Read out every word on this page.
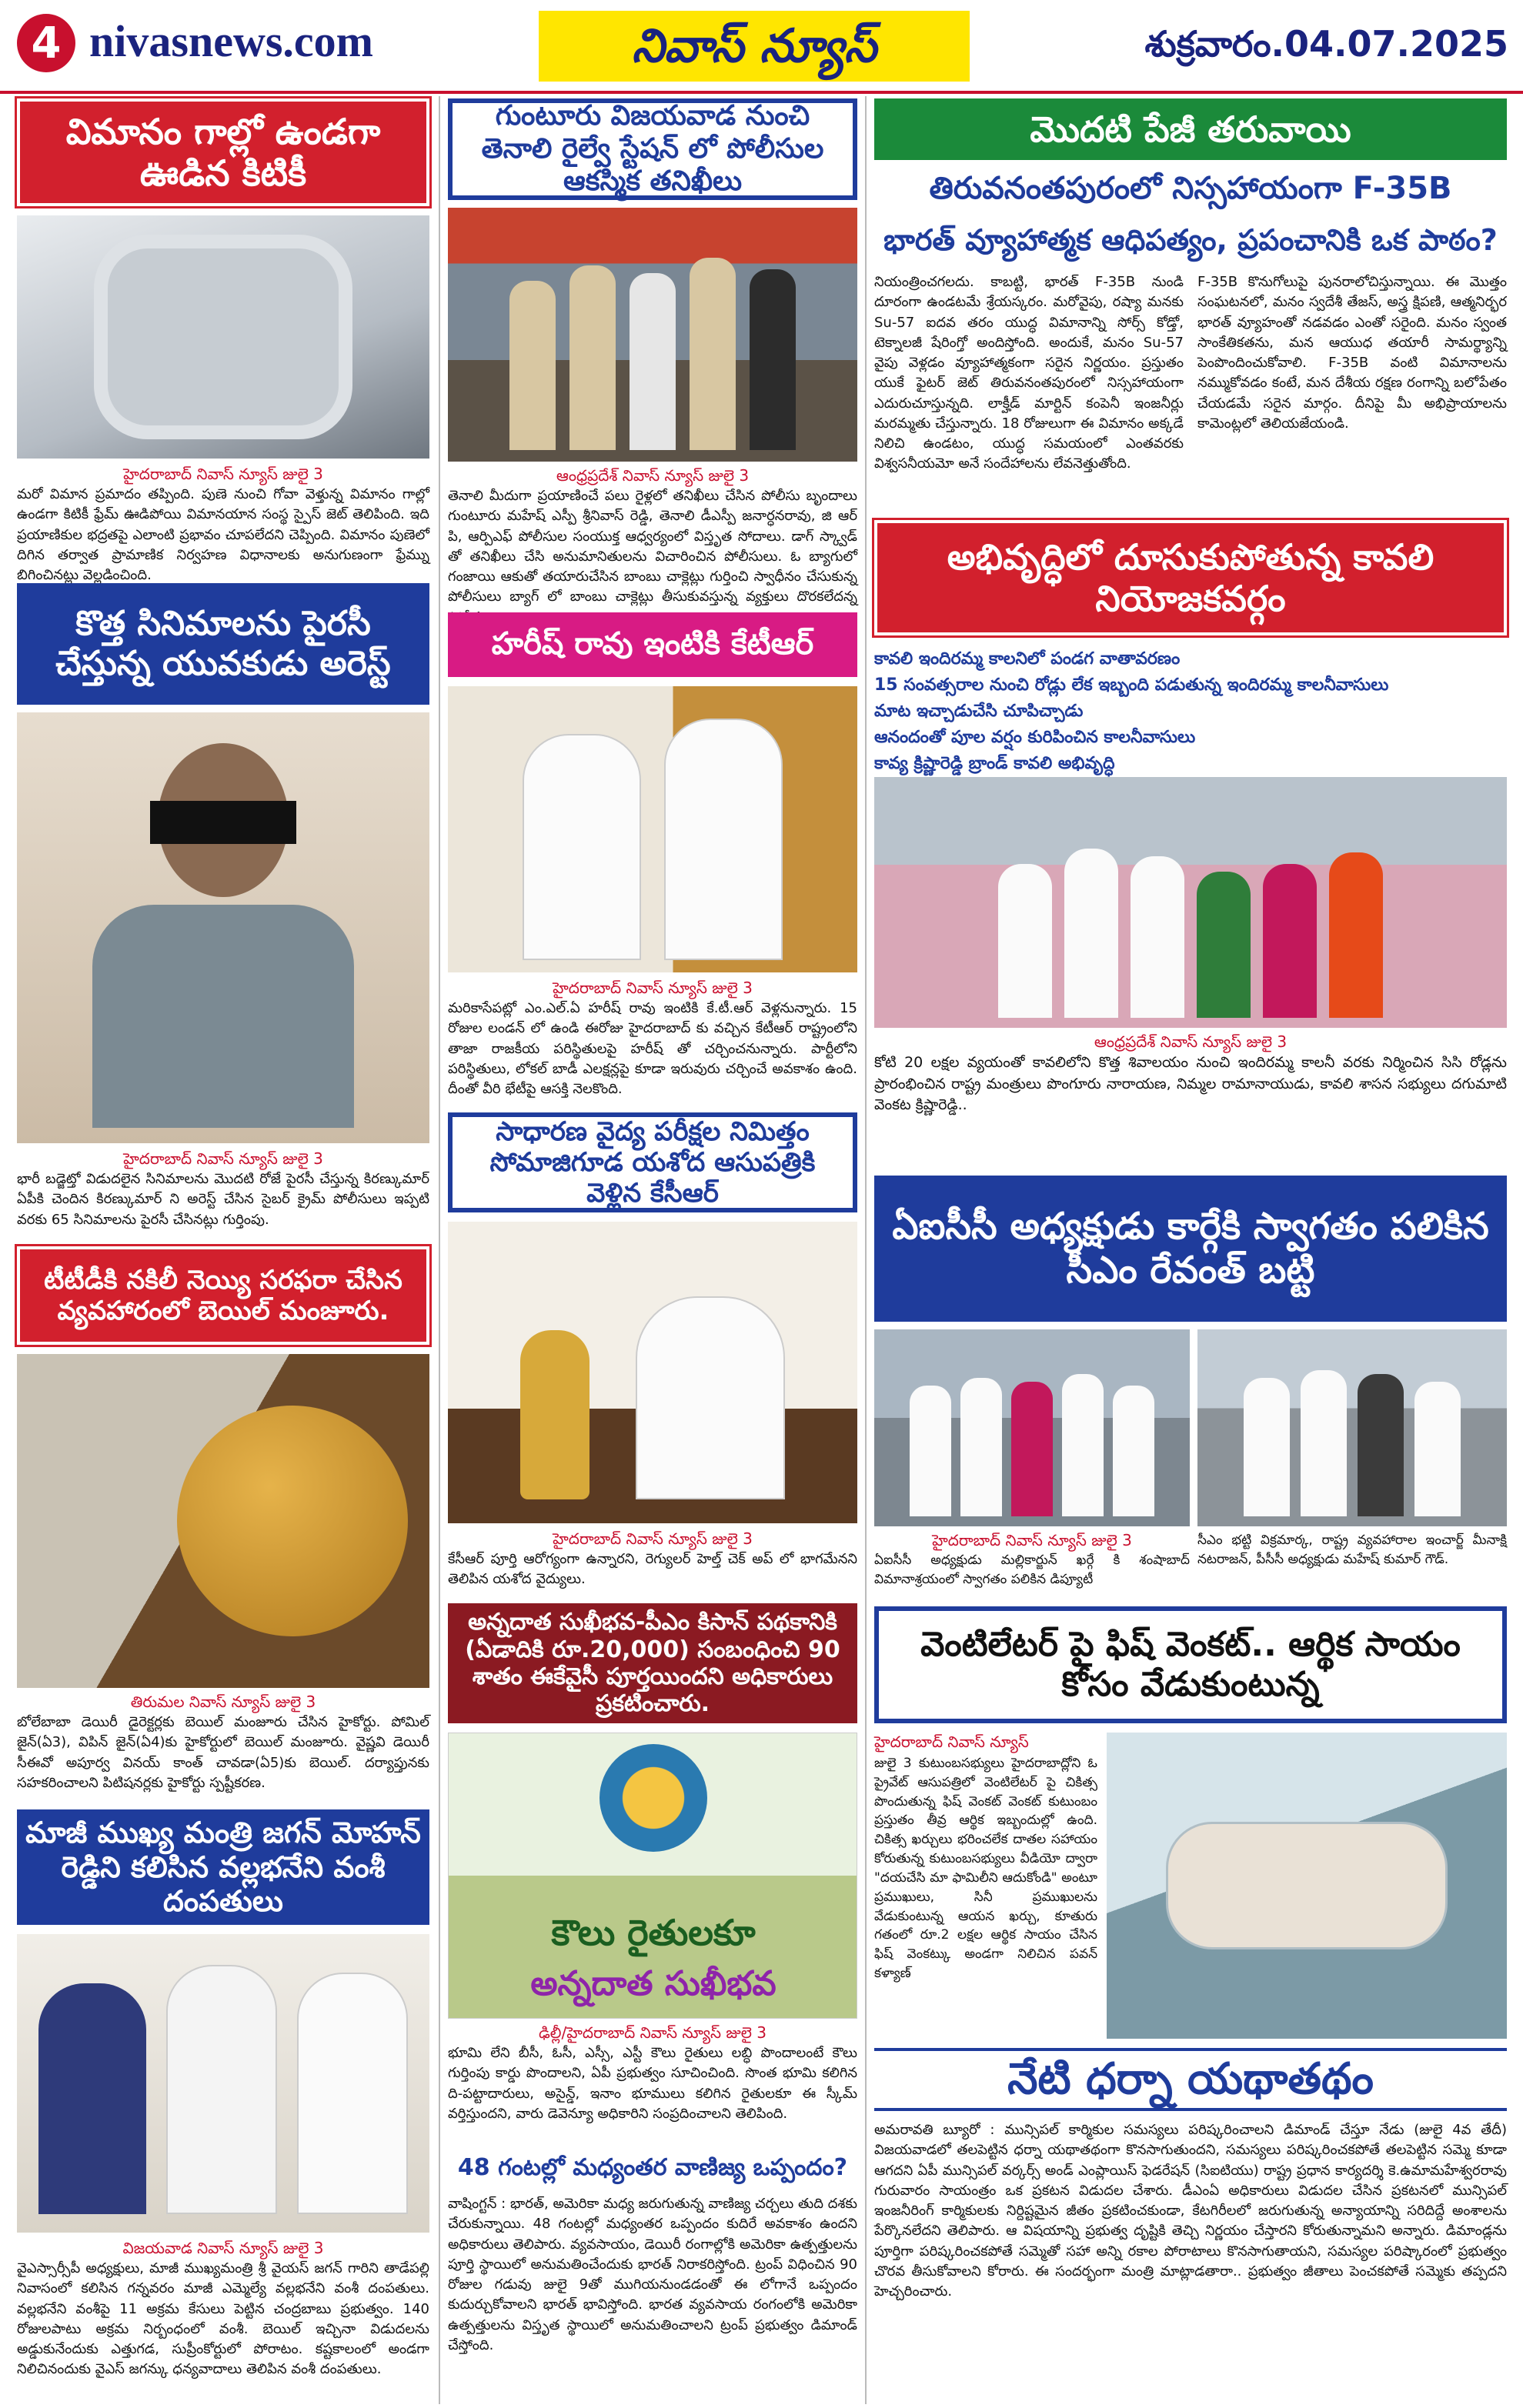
4 nivasnews.com	నివాస్ న్యూస్	శుక్రవారం.04.07.2025
విమానం గాల్లో ఉండగా ఊడిన కిటికీ
హైదరాబాద్ నివాస్ న్యూస్ జులై 3
మరో విమాన ప్రమాదం తప్పింది. పుణె నుంచి గోవా వెళ్తున్న విమానం గాల్లో ఉండగా కిటికీ ఫ్రేమ్ ఊడిపోయి విమానయాన సంస్థ స్పైస్ జెట్ తెలిపింది. ఇది ప్రయాణికుల భద్రతపై ఎలాంటి ప్రభావం చూపలేదని చెప్పింది. విమానం పుణెలో దిగిన తర్వాత ప్రామాణిక నిర్వహణ విధానాలకు అనుగుణంగా ఫ్రేమ్ను బిగించినట్లు వెల్లడించింది.
కొత్త సినిమాలను పైరసీ చేస్తున్న యువకుడు అరెస్ట్
హైదరాబాద్ నివాస్ న్యూస్ జులై 3
భారీ బడ్జెట్తో విడుదలైన సినిమాలను మొదటి రోజే పైరసీ చేస్తున్న కిరణ్కుమార్ ఏపీకి చెందిన కిరణ్కుమార్ ని అరెస్ట్ చేసిన సైబర్ క్రైమ్ పోలీసులు ఇప్పటి వరకు 65 సినిమాలను పైరసీ చేసినట్లు గుర్తింపు.
టీటీడీకి నకిలీ నెయ్యి సరఫరా చేసిన వ్యవహారంలో బెయిల్ మంజూరు.
తిరుమల నివాస్ న్యూస్ జులై 3
బోలేబాబా డెయిరీ డైరెక్టర్లకు బెయిల్ మంజూరు చేసిన హైకోర్టు. పోమిల్ జైన్(ఏ3), విపిన్ జైన్(ఏ4)కు హైకోర్టులో బెయిల్ మంజూరు. వైష్ణవి డెయిరీ సీఈవో అపూర్వ వినయ్ కాంత్ చావడా(ఏ5)కు బెయిల్. దర్యాప్తునకు సహకరించాలని పిటిషనర్లకు హైకోర్టు స్పష్టీకరణ.
మాజీ ముఖ్య మంత్రి జగన్ మోహన్ రెడ్డిని కలిసిన వల్లభనేని వంశీ దంపతులు
విజయవాడ నివాస్ న్యూస్ జులై 3
వైఎస్సార్సీపీ అధ్యక్షులు, మాజీ ముఖ్యమంత్రి శ్రీ వైయస్ జగన్ గారిని తాడేపల్లి నివాసంలో కలిసిన గన్నవరం మాజీ ఎమ్మెల్యే వల్లభనేని వంశీ దంపతులు. వల్లభనేని వంశీపై 11 అక్రమ కేసులు పెట్టిన చంద్రబాబు ప్రభుత్వం. 140 రోజులపాటు అక్రమ నిర్బంధంలో వంశీ. బెయిల్ ఇచ్చినా విడుదలను అడ్డుకునేందుకు ఎత్తుగడ, సుప్రీంకోర్టులో పోరాటం. కష్టకాలంలో అండగా నిలిచినందుకు వైఎస్ జగన్కు ధన్యవాదాలు తెలిపిన వంశీ దంపతులు.
గుంటూరు విజయవాడ నుంచి తెనాలి రైల్వే స్టేషన్ లో పోలీసుల ఆకస్మిక తనిఖీలు
ఆంధ్రప్రదేశ్ నివాస్ న్యూస్ జులై 3
తెనాలి మీదుగా ప్రయాణించే పలు రైళ్లలో తనిఖీలు చేసిన పోలీసు బృందాలు గుంటూరు మహేష్ ఎస్పీ శ్రీనివాస్ రెడ్డి, తెనాలి డీఎస్పీ జనార్ధనరావు, జి ఆర్ పి, ఆర్పిఎఫ్ పోలీసుల సంయుక్త ఆధ్వర్యంలో విస్తృత సోదాలు. డాగ్ స్క్వాడ్ తో తనిఖీలు చేసి అనుమానితులను విచారించిన పోలీసులు. ఓ బ్యాగులో గంజాయి ఆకుతో తయారుచేసిన బాంబు చాక్లెట్లు గుర్తించి స్వాధీనం చేసుకున్న పోలీసులు బ్యాగ్ లో బాంబు చాక్లెట్లు తీసుకువస్తున్న వ్యక్తులు దొరకలేదన్న
హరీష్ రావు ఇంటికి కేటీఆర్
హైదరాబాద్ నివాస్ న్యూస్ జులై 3
మరికాసేపట్లో ఎం.ఎల్.ఏ హరీష్ రావు ఇంటికి కే.టీ.ఆర్ వెళ్లనున్నారు. 15 రోజుల లండన్ లో ఉండి ఈరోజు హైదరాబాద్ కు వచ్చిన కేటీఆర్ రాష్ట్రంలోని తాజా రాజకీయ పరిస్థితులపై హరీష్ తో చర్చించనున్నారు. పార్టీలోని పరిస్థితులు, లోకల్ బాడీ ఎలక్షన్లపై కూడా ఇరువురు చర్చించే అవకాశం ఉంది. దీంతో వీరి భేటీపై ఆసక్తి నెలకొంది.
సాధారణ వైద్య పరీక్షల నిమిత్తం సోమాజిగూడ యశోద ఆసుపత్రికి వెళ్లిన కేసీఆర్
హైదరాబాద్ నివాస్ న్యూస్ జులై 3
కేసీఆర్ పూర్తి ఆరోగ్యంగా ఉన్నారని, రెగ్యులర్ హెల్త్ చెక్ అప్ లో భాగమేనని తెలిపిన యశోద వైద్యులు.
అన్నదాత సుఖీభవ-పీఎం కిసాన్ పథకానికి (ఏడాదికి రూ.20,000) సంబంధించి 90 శాతం ఈకేవైసీ పూర్తయిందని అధికారులు ప్రకటించారు.
కౌలు రైతులకూ
అన్నదాత సుఖీభవ
ఢిల్లీ/హైదరాబాద్ నివాస్ న్యూస్ జులై 3
భూమి లేని బీసీ, ఓసీ, ఎస్సీ, ఎస్టీ కౌలు రైతులు లబ్ధి పొందాలంటే కౌలు గుర్తింపు కార్డు పొందాలని, ఏపీ ప్రభుత్వం సూచించింది. సొంత భూమి కలిగిన ది-పట్టాదారులు, అసైన్డ్, ఇనాం భూములు కలిగిన రైతులకూ ఈ స్కీమ్ వర్తిస్తుందని, వారు డెవెన్యూ అధికారిని సంప్రదించాలని తెలిపింది.
48 గంటల్లో మధ్యంతర వాణిజ్య ఒప్పందం?
వాషింగ్టన్ : భారత్, అమెరికా మధ్య జరుగుతున్న వాణిజ్య చర్చలు తుది దశకు చేరుకున్నాయి. 48 గంటల్లో మధ్యంతర ఒప్పందం కుదిరే అవకాశం ఉందని అధికారులు తెలిపారు. వ్యవసాయం, డెయిరీ రంగాల్లోకి అమెరికా ఉత్పత్తులను పూర్తి స్థాయిలో అనుమతించేందుకు భారత్ నిరాకరిస్తోంది. ట్రంప్ విధించిన 90 రోజుల గడువు జులై 9తో ముగియనుండడంతో ఈ లోగానే ఒప్పందం కుదుర్చుకోవాలని భారత్ భావిస్తోంది. భారత వ్యవసాయ రంగంలోకి అమెరికా ఉత్పత్తులను విస్తృత స్థాయిలో అనుమతించాలని ట్రంప్ ప్రభుత్వం డిమాండ్ చేస్తోంది.
మొదటి పేజీ తరువాయి
తిరువనంతపురంలో నిస్సహాయంగా F-35B
భారత్ వ్యూహాత్మక ఆధిపత్యం, ప్రపంచానికి ఒక పాఠం?
నియంత్రించగలదు. కాబట్టి, భారత్ F-35B నుండి దూరంగా ఉండటమే శ్రేయస్కరం. మరోవైపు, రష్యా మనకు Su-57 ఐదవ తరం యుద్ధ విమానాన్ని సోర్స్ కోడ్తో, టెక్నాలజీ షేరింగ్తో అందిస్తోంది. అందుకే, మనం Su-57 వైపు వెళ్లడం వ్యూహాత్మకంగా సరైన నిర్ణయం. ప్రస్తుతం యుకే ఫైటర్ జెట్ తిరువనంతపురంలో నిస్సహాయంగా ఎదురుచూస్తున్నది. లాక్హీడ్ మార్టిన్ కంపెనీ ఇంజనీర్లు మరమ్మతు చేస్తున్నారు. 18 రోజులుగా ఈ విమానం అక్కడే నిలిచి ఉండటం, యుద్ధ సమయంలో ఎంతవరకు విశ్వసనీయమో అనే సందేహాలను లేవనెత్తుతోంది.
F-35B కొనుగోలుపై పునరాలోచిస్తున్నాయి. ఈ మొత్తం సంఘటనలో, మనం స్వదేశీ తేజస్, అస్త్ర క్షిపణి, ఆత్మనిర్భర భారత్ వ్యూహంతో నడవడం ఎంతో సరైంది. మనం స్వంత సాంకేతికతను, మన ఆయుధ తయారీ సామర్థ్యాన్ని పెంపొందించుకోవాలి. F-35B వంటి విమానాలను నమ్ముకోవడం కంటే, మన దేశీయ రక్షణ రంగాన్ని బలోపేతం చేయడమే సరైన మార్గం. దీనిపై మీ అభిప్రాయాలను కామెంట్లలో తెలియజేయండి.
అభివృద్ధిలో దూసుకుపోతున్న కావలి నియోజకవర్గం
కావలి ఇందిరమ్మ కాలనిలో పండగ వాతావరణం
15 సంవత్సరాల నుంచి రోడ్లు లేక ఇబ్బంది పడుతున్న ఇందిరమ్మ కాలనీవాసులు
మాట ఇచ్చాడుచేసి చూపిచ్చాడు
ఆనందంతో పూల వర్షం కురిపించిన కాలనీవాసులు
కావ్య క్రిష్ణారెడ్డి బ్రాండ్ కావలి అభివృద్ధి
ఆంధ్రప్రదేశ్ నివాస్ న్యూస్ జులై 3
కోటి 20 లక్షల వ్యయంతో కావలిలోని కొత్త శివాలయం నుంచి ఇందిరమ్మ కాలనీ వరకు నిర్మించిన సిసి రోడ్లను ప్రారంభించిన రాష్ట్ర మంత్రులు పొంగూరు నారాయణ, నిమ్మల రామానాయుడు, కావలి శాసన సభ్యులు దగుమాటి వెంకట క్రిష్ణారెడ్డి..
ఏఐసీసీ అధ్యక్షుడు కార్గేకి స్వాగతం పలికిన సీఎం రేవంత్ బట్టి
హైదరాబాద్ నివాస్ న్యూస్ జులై 3
ఏఐసీసీ అధ్యక్షుడు మల్లికార్జున్ ఖర్గే కి శంషాబాద్ విమానాశ్రయంలో స్వాగతం పలికిన డిప్యూటీ
సీఎం భట్టి విక్రమార్క, రాష్ట్ర వ్యవహారాల ఇంచార్జ్ మీనాక్షి నటరాజన్, పీసీసీ అధ్యక్షుడు మహేష్ కుమార్ గౌడ్.
వెంటిలేటర్ పై ఫిష్ వెంకట్.. ఆర్థిక సాయం కోసం వేడుకుంటున్న
హైదరాబాద్ నివాస్ న్యూస్
జులై 3 కుటుంబసభ్యులు హైదరాబాద్లోని ఓ ప్రైవేట్ ఆసుపత్రిలో వెంటిలేటర్ పై చికిత్స పొందుతున్న ఫిష్ వెంకట్ వెంకట్ కుటుంబం ప్రస్తుతం తీవ్ర ఆర్థిక ఇబ్బందుల్లో ఉంది. చికిత్స ఖర్చులు భరించలేక దాతల సహాయం కోరుతున్న కుటుంబసభ్యులు వీడియో ద్వారా "దయచేసి మా ఫామిలీని ఆదుకోండి" అంటూ ప్రముఖులు, సినీ ప్రముఖులను వేడుకుంటున్న ఆయన ఖర్చు, కూతురు గతంలో రూ.2 లక్షల ఆర్థిక సాయం చేసిన ఫిష్ వెంకట్కు అండగా నిలిచిన పవన్ కళ్యాణ్
నేటి ధర్నా యథాతథం
అమరావతి బ్యూరో : మున్సిపల్ కార్మికుల సమస్యలు పరిష్కరించాలని డిమాండ్ చేస్తూ నేడు (జులై 4వ తేదీ) విజయవాడలో తలపెట్టిన ధర్నా యథాతథంగా కొనసాగుతుందని, సమస్యలు పరిష్కరించకపోతే తలపెట్టిన సమ్మె కూడా ఆగదని ఏపీ మున్సిపల్ వర్కర్స్ అండ్ ఎంప్లాయిస్ ఫెడరేషన్ (సిఐటియు) రాష్ట్ర ప్రధాన కార్యదర్శి కె.ఉమామహేశ్వరరావు గురువారం సాయంత్రం ఒక ప్రకటన విడుదల చేశారు. డీఎంఏ అధికారులు విడుదల చేసిన ప్రకటనలో మున్సిపల్ ఇంజనీరింగ్ కార్మికులకు నిర్దిష్టమైన జీతం ప్రకటించకుండా, కేటగిరీలలో జరుగుతున్న అన్యాయాన్ని సరిదిద్దే అంశాలను పేర్కొనలేదని తెలిపారు. ఆ విషయాన్ని ప్రభుత్వ దృష్టికి తెచ్చి నిర్ణయం చేస్తారని కోరుతున్నామని అన్నారు. డిమాండ్లను పూర్తిగా పరిష్కరించకపోతే సమ్మెతో సహా అన్ని రకాల పోరాటాలు కొనసాగుతాయని, సమస్యల పరిష్కారంలో ప్రభుత్వం చొరవ తీసుకోవాలని కోరారు. ఈ సందర్భంగా మంత్రి మాట్లాడతారా.. ప్రభుత్వం జీతాలు పెంచకపోతే సమ్మెకు తప్పదని హెచ్చరించారు.
